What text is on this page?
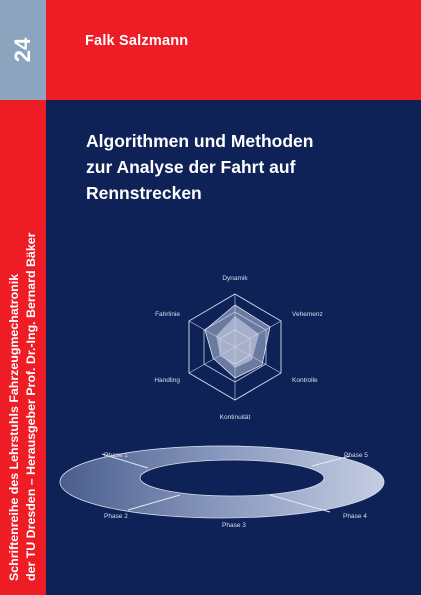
24	Falk Salzmann
Schriftenreihe des Lehrstuhls Fahrzeugmechatronik der TU Dresden – Herausgeber Prof. Dr.-Ing. Bernard Bäker
Algorithmen und Methoden
zur Analyse der Fahrt auf
Rennstrecken
Dynamik
Vehemenz
Kontrolle
Kontinuität
Handling
Fahrlinie
Phase 1
Phase 2
Phase 3
Phase 4
Phase 5
